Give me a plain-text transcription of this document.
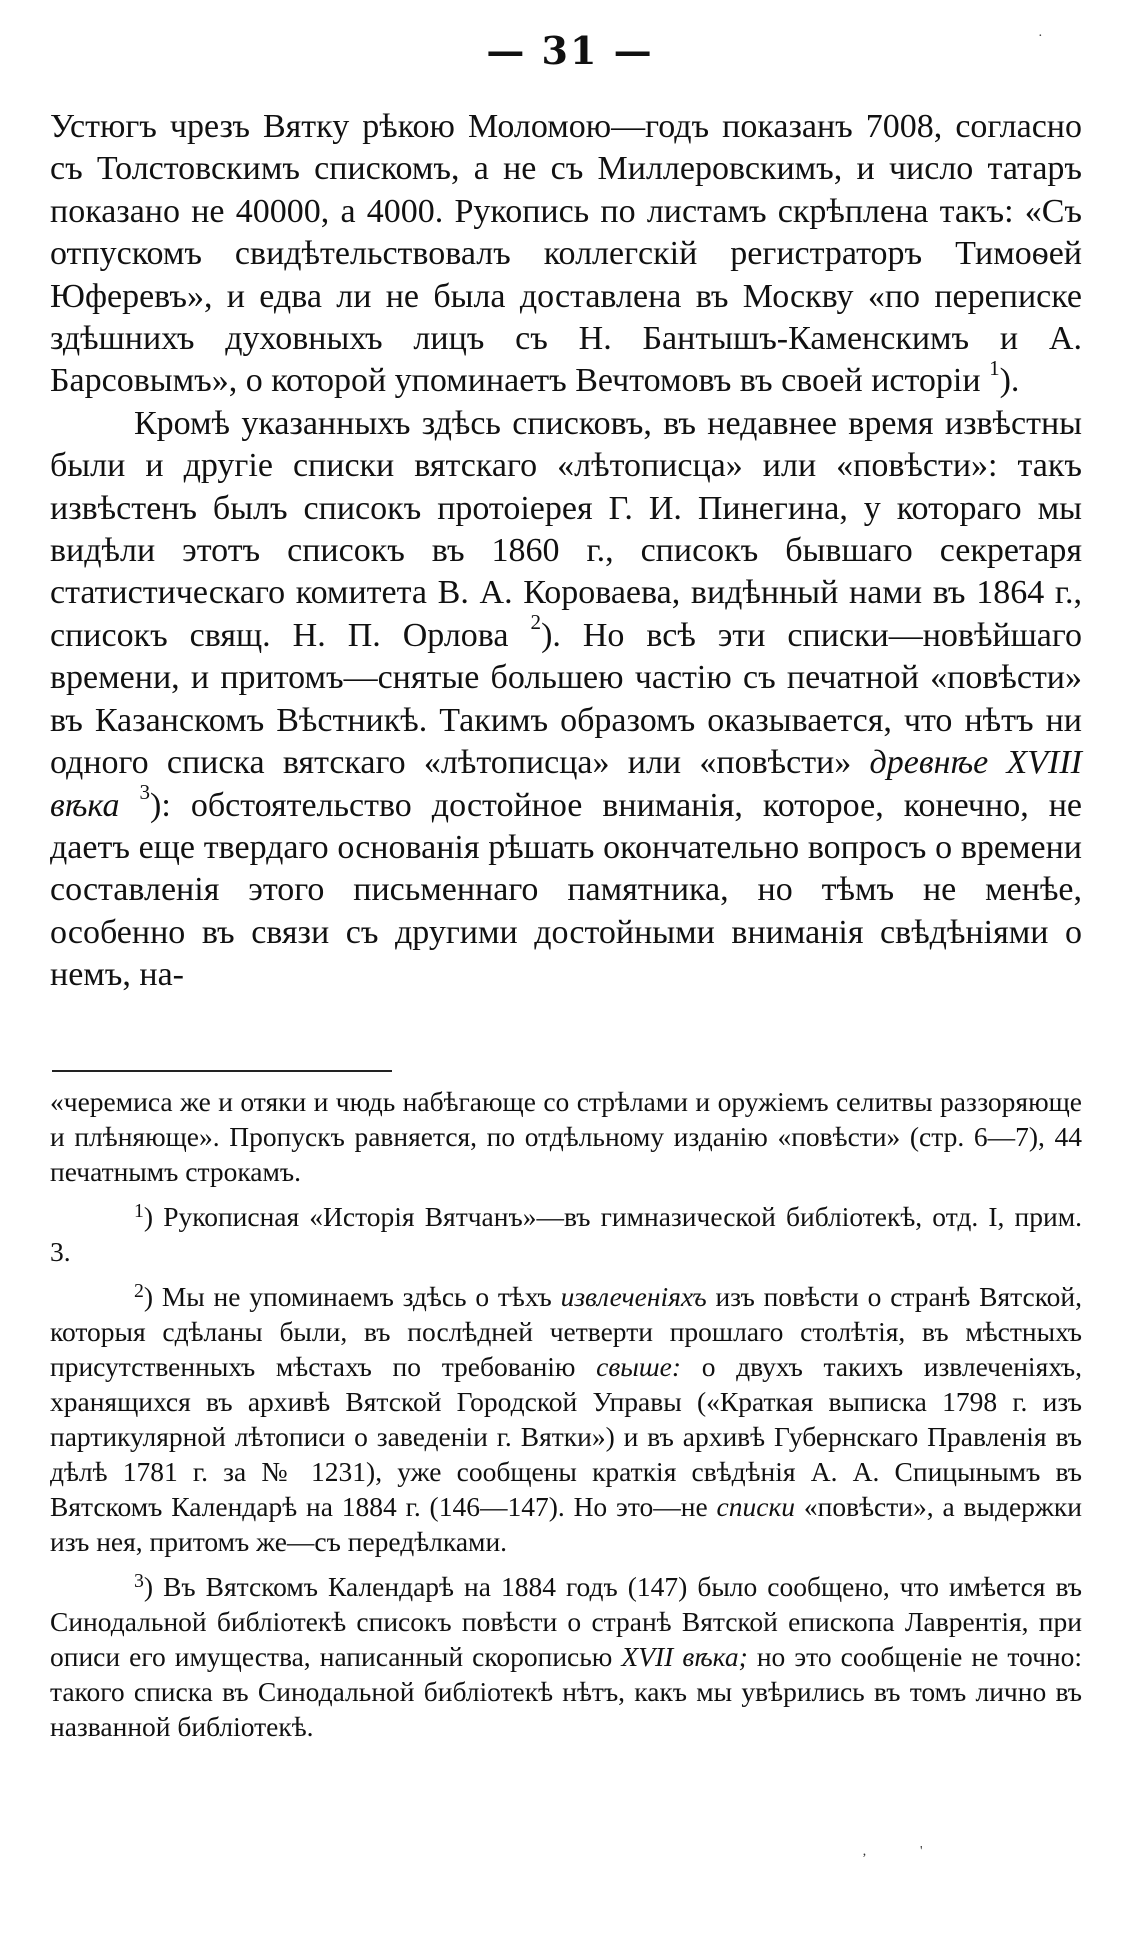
— 31 —

Устюгъ чрезъ Вятку рѣкою Моломою—годъ показанъ 7008, согласно съ Толстовскимъ спискомъ, а не съ Миллеровскимъ, и число татаръ показано не 40000, а 4000. Рукопись по листамъ скрѣплена такъ: «Съ отпускомъ свидѣтельствовалъ коллегскій регистраторъ Тимоѳей Юферевъ», и едва ли не была доставлена въ Москву «по переписке здѣшнихъ духовныхъ лицъ съ Н. Бантышъ-Каменскимъ и А. Барсовымъ», о которой упоминаетъ Вечтомовъ въ своей исторіи $^1$).

Кромѣ указанныхъ здѣсь списковъ, въ недавнее время извѣстны были и другіе списки вятскаго «лѣтописца» или «повѣсти»: такъ извѣстенъ былъ списокъ протоіерея Г. И. Пинегина, у котораго мы видѣли этотъ списокъ въ 1860 г., списокъ бывшаго секретаря статистическаго комитета В. А. Короваева, видѣнный нами въ 1864 г., списокъ свящ. Н. П. Орлова $^2$). Но всѣ эти списки—новѣйшаго времени, и притомъ—снятые большею частію съ печатной «повѣсти» въ Казанскомъ Вѣстникѣ. Такимъ образомъ оказывается, что нѣтъ ни одного списка вятскаго «лѣтописца» или «повѣсти» древнѣе XVIII вѣка $^3$): обстоятельство достойное вниманія, которое, конечно, не даетъ еще твердаго основанія рѣшать окончательно вопросъ о времени составленія этого письменнаго памятника, но тѣмъ не менѣе, особенно въ связи съ другими достойными вниманія свѣдѣніями о немъ, на-

«черемиса же и отяки и чюдь набѣгающе со стрѣлами и оружіемъ селитвы раззоряюще и плѣняюще». Пропускъ равняется, по отдѣльному изданію «повѣсти» (стр. 6—7), 44 печатнымъ строкамъ.

$^1$) Рукописная «Исторія Вятчанъ»—въ гимназической библіотекѣ, отд. I, прим. 3.

$^2$) Мы не упоминаемъ здѣсь о тѣхъ извлеченіяхъ изъ повѣсти о странѣ Вятской, которыя сдѣланы были, въ послѣдней четверти прошлаго столѣтія, въ мѣстныхъ присутственныхъ мѣстахъ по требованію свыше: о двухъ такихъ извлеченіяхъ, хранящихся въ архивѣ Вятской Городской Управы («Краткая выписка 1798 г. изъ партикулярной лѣтописи о заведеніи г. Вятки») и въ архивѣ Губернскаго Правленія въ дѣлѣ 1781 г. за № 1231), уже сообщены краткія свѣдѣнія А. А. Спицынымъ въ Вятскомъ Календарѣ на 1884 г. (146—147). Но это—не списки «повѣсти», а выдержки изъ нея, притомъ же—съ передѣлками.

$^3$) Въ Вятскомъ Календарѣ на 1884 годъ (147) было сообщено, что имѣется въ Синодальной библіотекѣ списокъ повѣсти о странѣ Вятской епископа Лаврентія, при описи его имущества, написанный скорописью XVII вѣка; но это сообщеніе не точно: такого списка въ Синодальной библіотекѣ нѣтъ, какъ мы увѣрились въ томъ лично въ названной библіотекѣ.

·
‚	'
